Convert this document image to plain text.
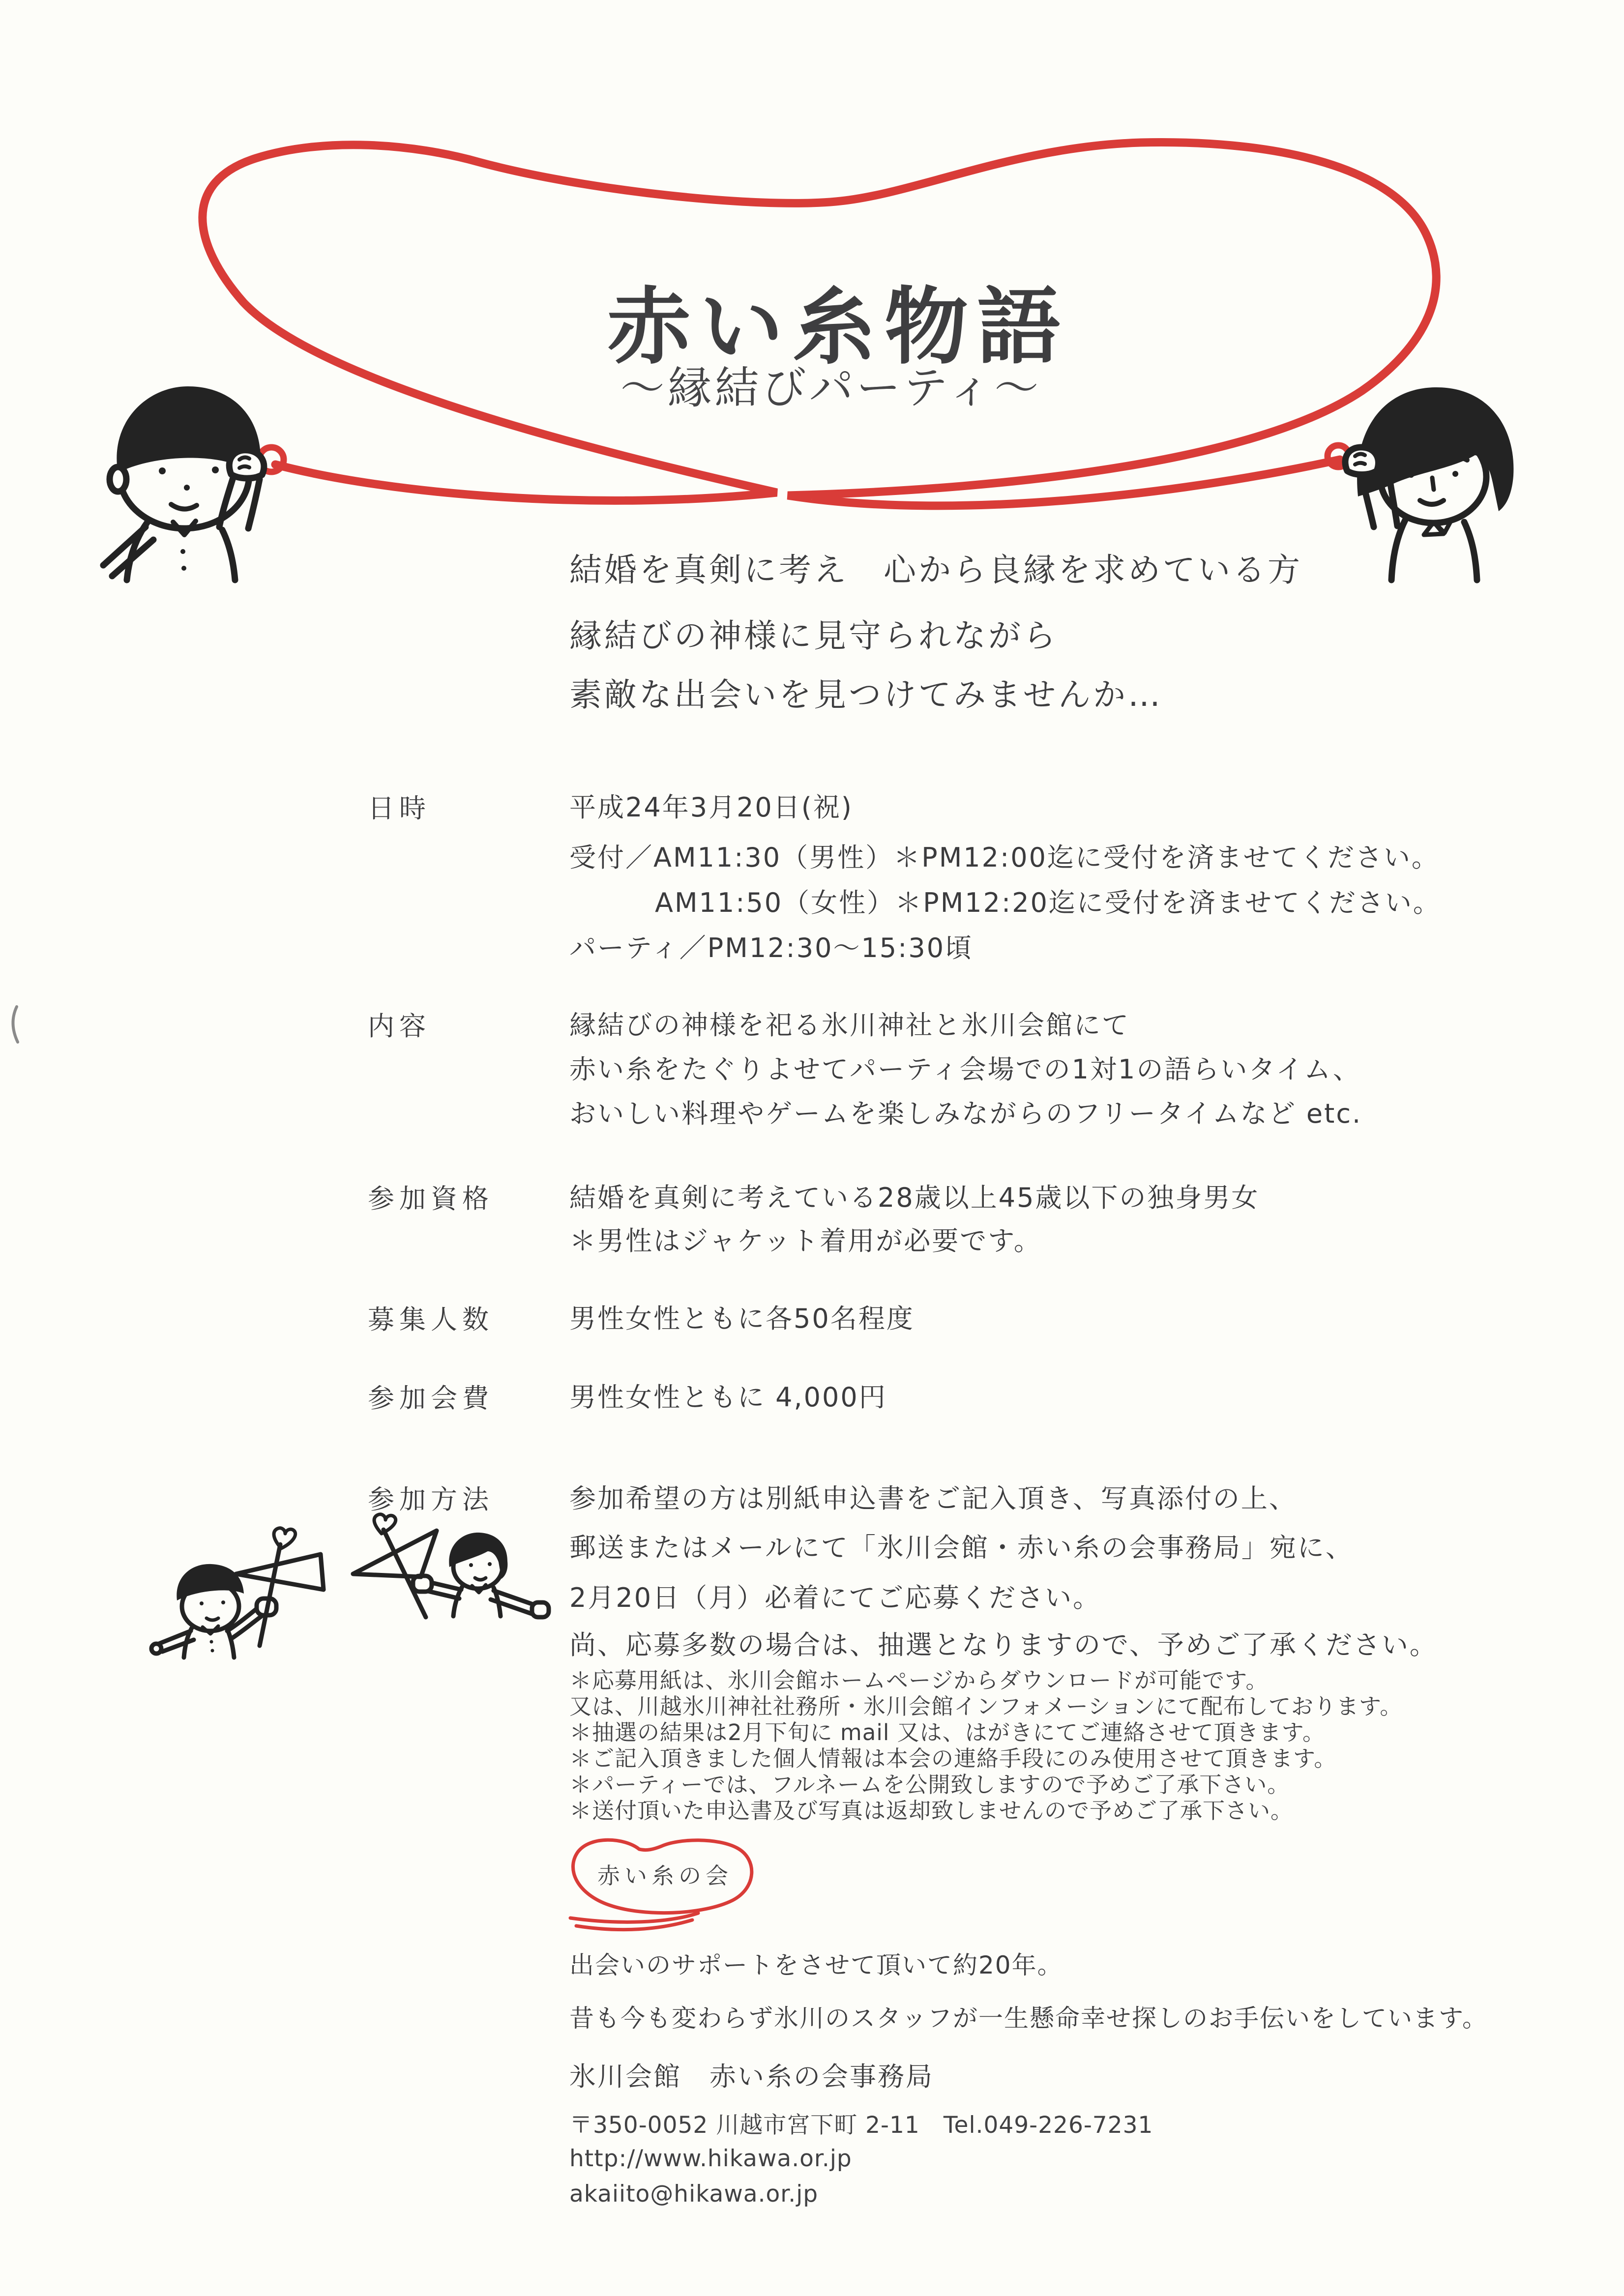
赤い糸物語
～縁結びパーティ～
結婚を真剣に考え　心から良縁を求めている方
縁結びの神様に見守られながら
素敵な出会いを見つけてみませんか…
日時	平成24年3月20日(祝)
受付／AM11:30（男性）＊PM12:00迄に受付を済ませてください。
AM11:50（女性）＊PM12:20迄に受付を済ませてください。
パーティ／PM12:30～15:30頃
内容	縁結びの神様を祀る氷川神社と氷川会館にて
赤い糸をたぐりよせてパーティ会場での1対1の語らいタイム、
おいしい料理やゲームを楽しみながらのフリータイムなど etc.
参加資格	結婚を真剣に考えている28歳以上45歳以下の独身男女
＊男性はジャケット着用が必要です。
募集人数	男性女性ともに各50名程度
参加会費	男性女性ともに 4,000円
参加方法	参加希望の方は別紙申込書をご記入頂き、写真添付の上、
郵送またはメールにて「氷川会館・赤い糸の会事務局」宛に、
2月20日（月）必着にてご応募ください。
尚、応募多数の場合は、抽選となりますので、予めご了承ください。
＊応募用紙は、氷川会館ホームページからダウンロードが可能です。
又は、川越氷川神社社務所・氷川会館インフォメーションにて配布しております。
＊抽選の結果は2月下旬に mail 又は、はがきにてご連絡させて頂きます。
＊ご記入頂きました個人情報は本会の連絡手段にのみ使用させて頂きます。
＊パーティーでは、フルネームを公開致しますので予めご了承下さい。
＊送付頂いた申込書及び写真は返却致しませんので予めご了承下さい。
赤い糸の会
出会いのサポートをさせて頂いて約20年。
昔も今も変わらず氷川のスタッフが一生懸命幸せ探しのお手伝いをしています。
氷川会館　赤い糸の会事務局
〒350-0052 川越市宮下町 2-11　Tel.049-226-7231
http://www.hikawa.or.jp
akaiito@hikawa.or.jp
